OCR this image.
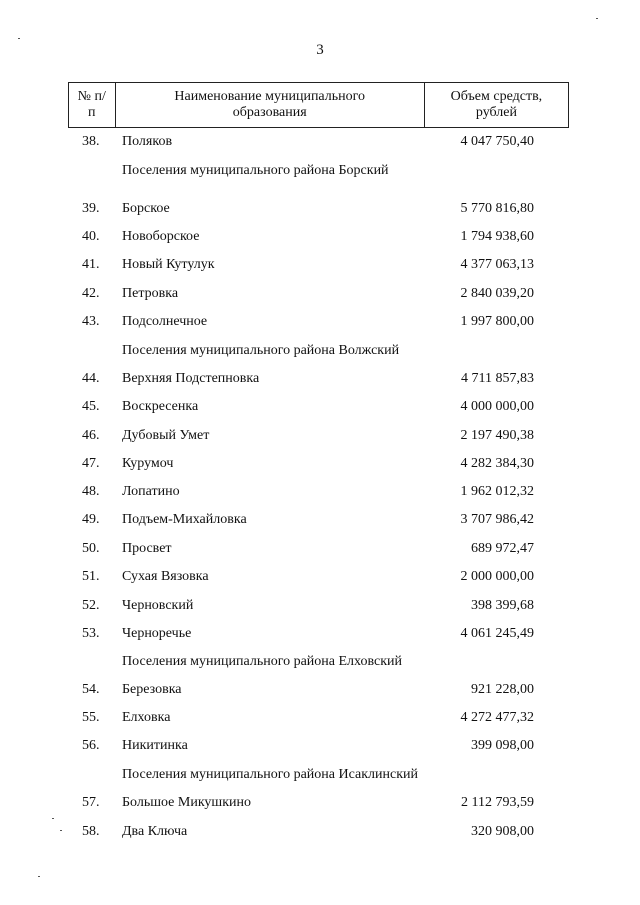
3
№ п/п	Наименование муниципального образования	Объем средств, рублей
38. Поляков	4 047 750,40
Поселения муниципального района Борский
39. Борское	5 770 816,80
40. Новоборское	1 794 938,60
41. Новый Кутулук	4 377 063,13
42. Петровка	2 840 039,20
43. Подсолнечное	1 997 800,00
Поселения муниципального района Волжский
44. Верхняя Подстепновка	4 711 857,83
45. Воскресенка	4 000 000,00
46. Дубовый Умет	2 197 490,38
47. Курумоч	4 282 384,30
48. Лопатино	1 962 012,32
49. Подъем-Михайловка	3 707 986,42
50. Просвет	689 972,47
51. Сухая Вязовка	2 000 000,00
52. Черновский	398 399,68
53. Черноречье	4 061 245,49
Поселения муниципального района Елховский
54. Березовка	921 228,00
55. Елховка	4 272 477,32
56. Никитинка	399 098,00
Поселения муниципального района Исаклинский
57. Большое Микушкино	2 112 793,59
58. Два Ключа	320 908,00
